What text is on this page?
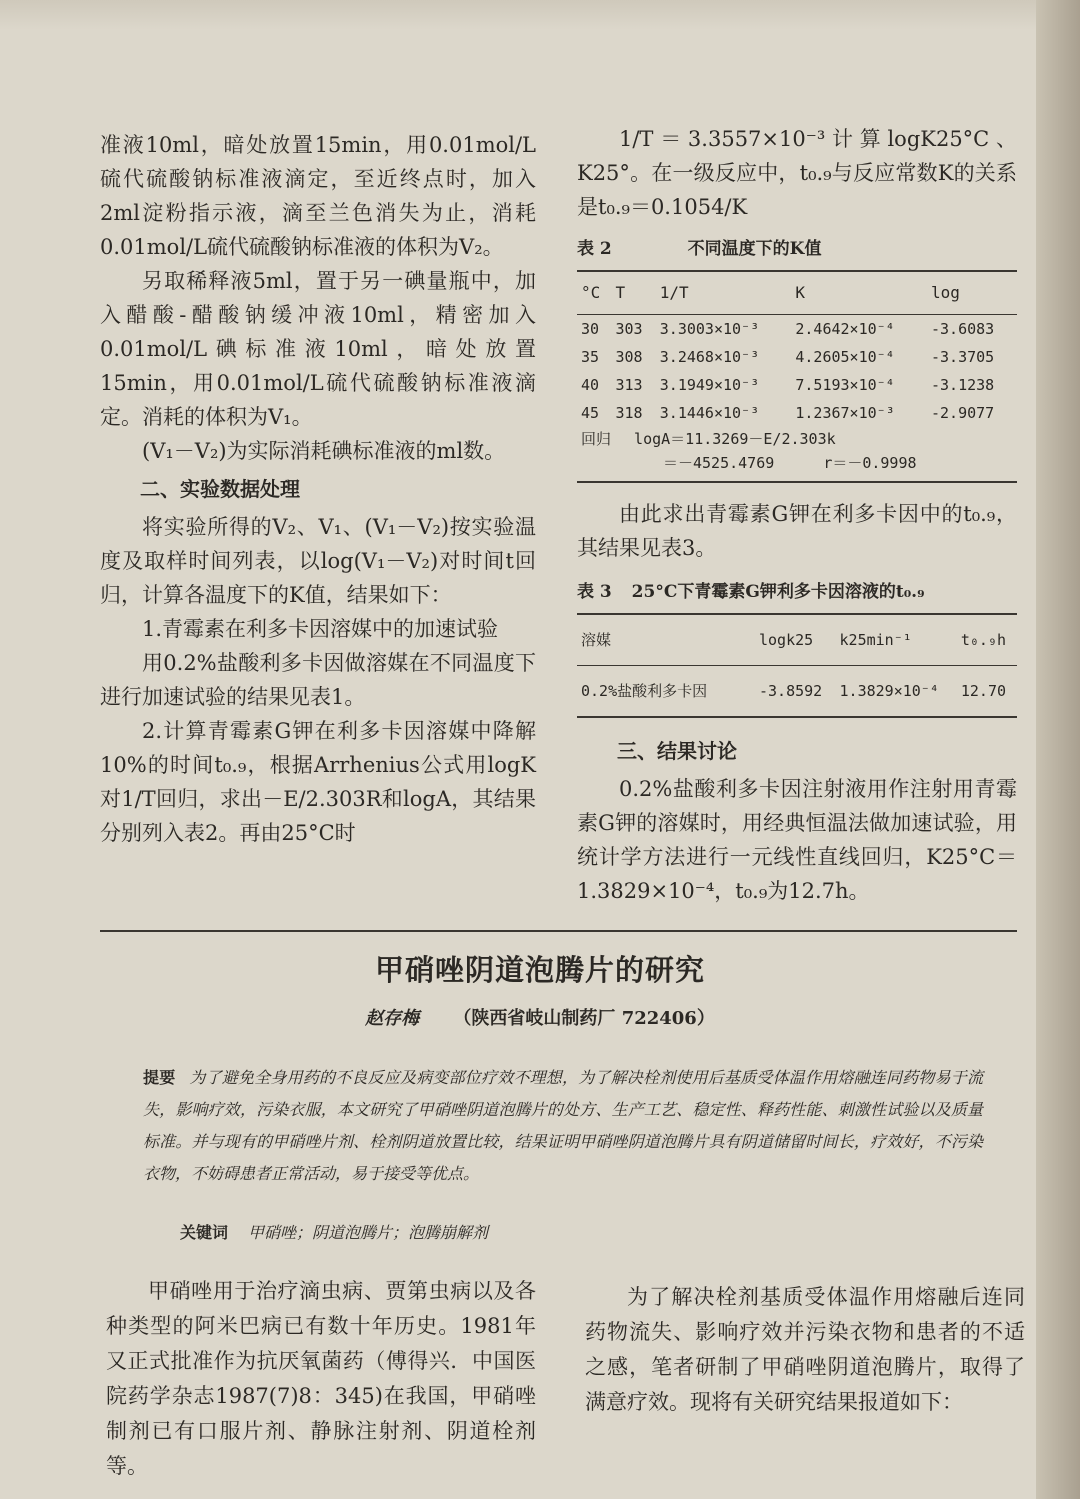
准液10ml，暗处放置15min，用0.01mol/L硫代硫酸钠标准液滴定，至近终点时，加入2ml淀粉指示液，滴至兰色消失为止，消耗0.01mol/L硫代硫酸钠标准液的体积为V₂。

另取稀释液5ml，置于另一碘量瓶中，加入醋酸-醋酸钠缓冲液10ml，精密加入0.01mol/L碘标准液10ml，暗处放置15min，用0.01mol/L硫代硫酸钠标准液滴定。消耗的体积为V₁。

(V₁－V₂)为实际消耗碘标准液的ml数。

二、实验数据处理

将实验所得的V₂、V₁、(V₁－V₂)按实验温度及取样时间列表，以log(V₁－V₂)对时间t回归，计算各温度下的K值，结果如下：

1.青霉素在利多卡因溶媒中的加速试验

用0.2%盐酸利多卡因做溶媒在不同温度下进行加速试验的结果见表1。

2.计算青霉素G钾在利多卡因溶媒中降解10%的时间t₀.₉，根据Arrhenius公式用logK对1/T回归，求出－E/2.303R和logA，其结果分别列入表2。再由25°C时

1/T＝3.3557×10⁻³计算logK25°C、K25°。在一级反应中，t₀.₉与反应常数K的关系是t₀.₉＝0.1054/K

表 2	不同温度下的K值
°C	T	1/T	K	log
30	303	3.3003×10⁻³	2.4642×10⁻⁴	-3.6083
35	308	3.2468×10⁻³	4.2605×10⁻⁴	-3.3705
40	313	3.1949×10⁻³	7.5193×10⁻⁴	-3.1238
45	318	3.1446×10⁻³	1.2367×10⁻³	-2.9077
回归 logA＝11.3269－E/2.303k
＝－4525.4769	r＝－0.9998

由此求出青霉素G钾在利多卡因中的t₀.₉，其结果见表3。

表 3 25°C下青霉素G钾利多卡因溶液的t₀.₉
溶媒	logk25	k25min⁻¹	t₀.₉h
0.2%盐酸利多卡因	-3.8592	1.3829×10⁻⁴	12.70
三、结果讨论

0.2%盐酸利多卡因注射液用作注射用青霉素G钾的溶媒时，用经典恒温法做加速试验，用统计学方法进行一元线性直线回归，K25°C＝1.3829×10⁻⁴，t₀.₉为12.7h。

甲硝唑阴道泡腾片的研究
赵存梅 （陕西省岐山制药厂 722406）
提要 为了避免全身用药的不良反应及病变部位疗效不理想，为了解决栓剂使用后基质受体温作用熔融连同药物易于流失，影响疗效，污染衣服，本文研究了甲硝唑阴道泡腾片的处方、生产工艺、稳定性、释药性能、刺激性试验以及质量标准。并与现有的甲硝唑片剂、栓剂阴道放置比较，结果证明甲硝唑阴道泡腾片具有阴道储留时间长，疗效好，不污染衣物，不妨碍患者正常活动，易于接受等优点。
关键词 甲硝唑；阴道泡腾片；泡腾崩解剂

甲硝唑用于治疗滴虫病、贾第虫病以及各种类型的阿米巴病已有数十年历史。1981年又正式批准作为抗厌氧菌药（傅得兴．中国医院药学杂志1987(7)8：345)在我国，甲硝唑制剂已有口服片剂、静脉注射剂、阴道栓剂等。

为了解决栓剂基质受体温作用熔融后连同药物流失、影响疗效并污染衣物和患者的不适之感，笔者研制了甲硝唑阴道泡腾片，取得了满意疗效。现将有关研究结果报道如下：
